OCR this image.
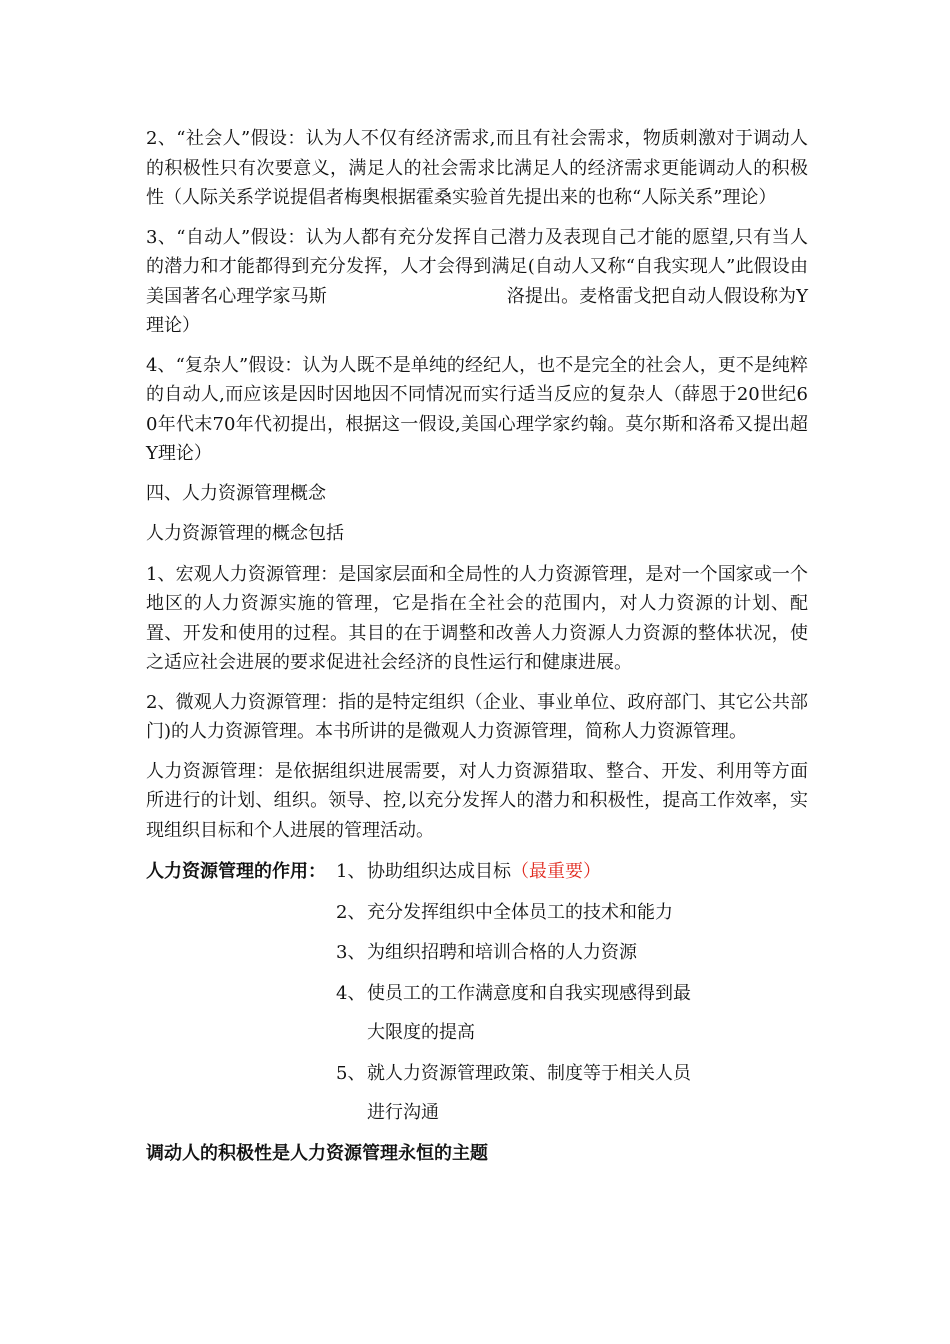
2、“社会人”假设：认为人不仅有经济需求,而且有社会需求，物质刺激对于调动人的积极性只有次要意义，满足人的社会需求比满足人的经济需求更能调动人的积极性（人际关系学说提倡者梅奥根据霍桑实验首先提出来的也称“人际关系”理论）

3、“自动人”假设：认为人都有充分发挥自己潜力及表现自己才能的愿望,只有当人的潜力和才能都得到充分发挥，人才会得到满足(自动人又称“自我实现人”此假设由美国著名心理学家马斯	洛提出。麦格雷戈把自动人假设称为Y理论）

4、“复杂人”假设：认为人既不是单纯的经纪人，也不是完全的社会人，更不是纯粹的自动人,而应该是因时因地因不同情况而实行适当反应的复杂人（薛恩于20世纪60年代末70年代初提出，根据这一假设,美国心理学家约翰。莫尔斯和洛希又提出超Y理论）

四、人力资源管理概念

人力资源管理的概念包括

1、宏观人力资源管理：是国家层面和全局性的人力资源管理，是对一个国家或一个地区的人力资源实施的管理，它是指在全社会的范围内，对人力资源的计划、配置、开发和使用的过程。其目的在于调整和改善人力资源人力资源的整体状况，使之适应社会进展的要求促进社会经济的良性运行和健康进展。

2、微观人力资源管理：指的是特定组织（企业、事业单位、政府部门、其它公共部门)的人力资源管理。本书所讲的是微观人力资源管理，简称人力资源管理。

人力资源管理：是依据组织进展需要，对人力资源猎取、整合、开发、利用等方面所进行的计划、组织。领导、控,以充分发挥人的潜力和积极性，提高工作效率，实现组织目标和个人进展的管理活动。

人力资源管理的作用： 1、 协助组织达成目标（最重要）
2、 充分发挥组织中全体员工的技术和能力
3、 为组织招聘和培训合格的人力资源
4、 使员工的工作满意度和自我实现感得到最
大限度的提高
5、 就人力资源管理政策、制度等于相关人员
进行沟通
调动人的积极性是人力资源管理永恒的主题
